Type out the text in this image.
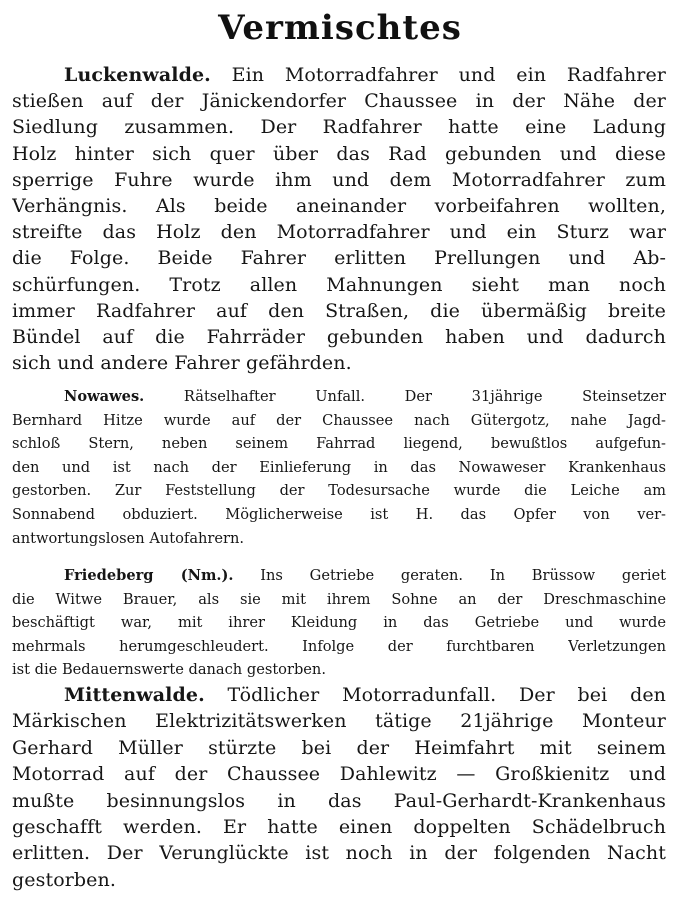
Vermischtes
Luckenwalde. Ein Motorradfahrer und ein Radfahrer
stießen auf der Jänickendorfer Chaussee in der Nähe der
Siedlung zusammen. Der Radfahrer hatte eine Ladung
Holz hinter sich quer über das Rad gebunden und diese
sperrige Fuhre wurde ihm und dem Motorradfahrer zum
Verhängnis. Als beide aneinander vorbeifahren wollten,
streifte das Holz den Motorradfahrer und ein Sturz war
die Folge. Beide Fahrer erlitten Prellungen und Ab-
schürfungen. Trotz allen Mahnungen sieht man noch
immer Radfahrer auf den Straßen, die übermäßig breite
Bündel auf die Fahrräder gebunden haben und dadurch
sich und andere Fahrer gefährden.
Nowawes.	Rätselhafter Unfall. Der 31jährige Steinsetzer
Bernhard Hitze wurde auf der Chaussee nach Gütergotz, nahe Jagd-
schloß Stern, neben seinem Fahrrad liegend, bewußtlos aufgefun-
den und ist nach der Einlieferung in das Nowaweser Krankenhaus
gestorben. Zur Feststellung der Todesursache wurde die Leiche am
Sonnabend obduziert. Möglicherweise ist H. das Opfer von ver-
antwortungslosen Autofahrern.
Friedeberg (Nm.). Ins Getriebe geraten. In Brüssow geriet
die Witwe Brauer, als sie mit ihrem Sohne an der Dreschmaschine
beschäftigt war, mit ihrer Kleidung in das Getriebe und wurde
mehrmals herumgeschleudert. Infolge der furchtbaren Verletzungen
ist die Bedauernswerte danach gestorben.
Mittenwalde. Tödlicher Motorradunfall. Der bei den
Märkischen Elektrizitätswerken tätige 21jährige Monteur
Gerhard Müller stürzte bei der Heimfahrt mit seinem
Motorrad auf der Chaussee Dahlewitz — Großkienitz und
mußte besinnungslos in das Paul-Gerhardt-Krankenhaus
geschafft werden. Er hatte einen doppelten Schädelbruch
erlitten. Der Verunglückte ist noch in der folgenden Nacht
gestorben.
